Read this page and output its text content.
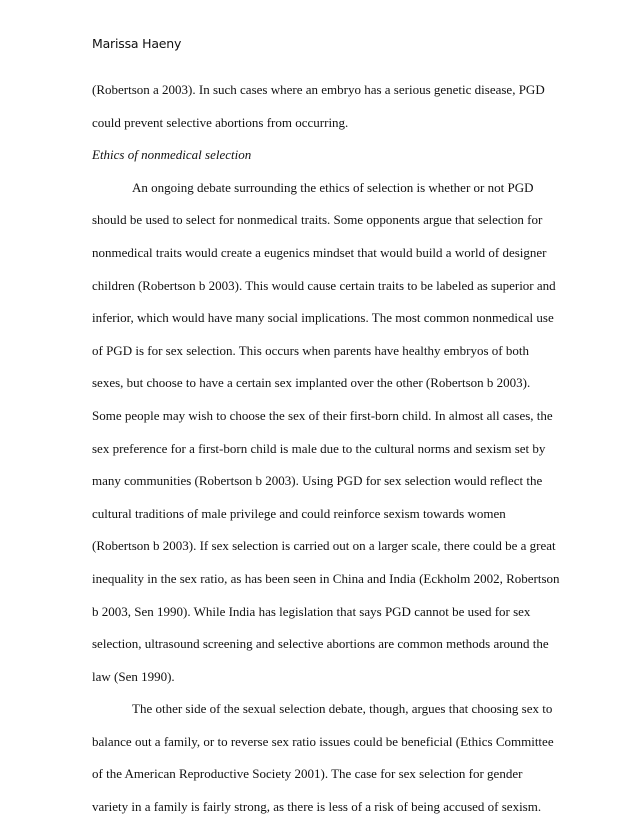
Marissa Haeny
(Robertson a 2003). In such cases where an embryo has a serious genetic disease, PGD
could prevent selective abortions from occurring.
Ethics of nonmedical selection
An ongoing debate surrounding the ethics of selection is whether or not PGD
should be used to select for nonmedical traits. Some opponents argue that selection for
nonmedical traits would create a eugenics mindset that would build a world of designer
children (Robertson b 2003). This would cause certain traits to be labeled as superior and
inferior, which would have many social implications. The most common nonmedical use
of PGD is for sex selection. This occurs when parents have healthy embryos of both
sexes, but choose to have a certain sex implanted over the other (Robertson b 2003).
Some people may wish to choose the sex of their first-born child. In almost all cases, the
sex preference for a first-born child is male due to the cultural norms and sexism set by
many communities (Robertson b 2003). Using PGD for sex selection would reflect the
cultural traditions of male privilege and could reinforce sexism towards women
(Robertson b 2003). If sex selection is carried out on a larger scale, there could be a great
inequality in the sex ratio, as has been seen in China and India (Eckholm 2002, Robertson
b 2003, Sen 1990). While India has legislation that says PGD cannot be used for sex
selection, ultrasound screening and selective abortions are common methods around the
law (Sen 1990).
The other side of the sexual selection debate, though, argues that choosing sex to
balance out a family, or to reverse sex ratio issues could be beneficial (Ethics Committee
of the American Reproductive Society 2001). The case for sex selection for gender
variety in a family is fairly strong, as there is less of a risk of being accused of sexism.
